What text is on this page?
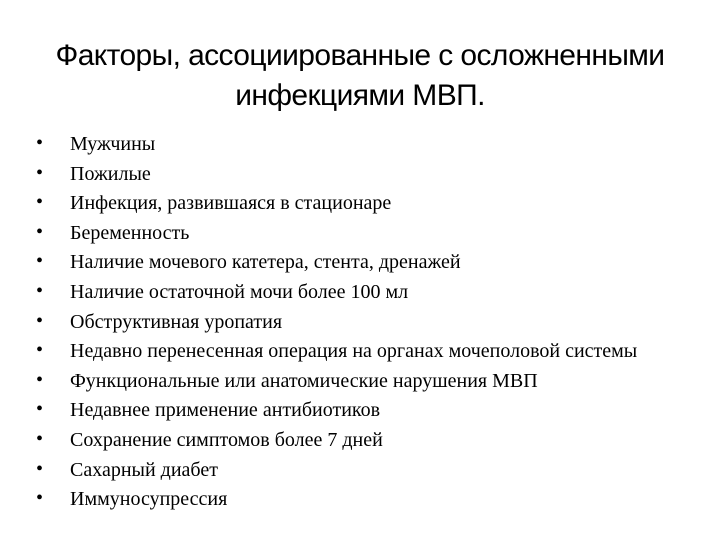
Факторы, ассоциированные с осложненными
инфекциями МВП.
• Мужчины
• Пожилые
• Инфекция, развившаяся в стационаре
• Беременность
• Наличие мочевого катетера, стента, дренажей
• Наличие остаточной мочи более 100 мл
• Обструктивная уропатия
• Недавно перенесенная операция на органах мочеполовой системы
• Функциональные или анатомические нарушения МВП
• Недавнее применение антибиотиков
• Сохранение симптомов более 7 дней
• Сахарный диабет
• Иммуносупрессия
